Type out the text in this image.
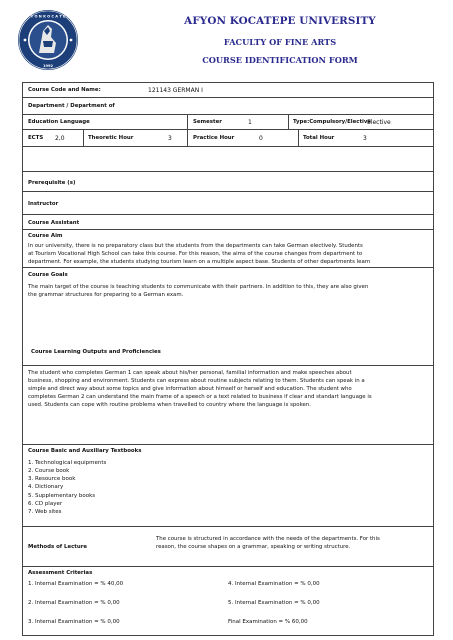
A F Y O N K O C A T E P E
1992
AFYON KOCATEPE UNIVERSITY
FACULTY OF FINE ARTS
COURSE IDENTIFICATION FORM
Course Code and Name:	121143 GERMAN I
Department / Department of
Education Language	Semester	1	Type:Compulsory/Elective
Elective
ECTS 2,0	Theoretic Hour	3	Practice Hour	0	Total Hour	3
Prerequisite (s)
Instructor
Course Assistant
Course Aim
In our university, there is no preparatory class but the students from the departments can take German electively. Students
at Tourism Vocational High School can take this course. For this reason, the aims of the course changes from department to
department. For example, the students studying tourism learn on a multiple aspect base. Students of other departments learn
Course Goals
The main target of the course is teaching students to communicate with their partners. In addition to this, they are also given
the grammar structures for preparing to a German exam.
Course Learning Outputs and Proficiencies
The student who completes German 1 can speak about his/her personal, familial information and make speeches about
business, shopping and environment. Students can express about routine subjects relating to them. Students can speak in a
simple and direct way about some topics and give information about himself or herself and education. The student who
completes German 2 can understand the main frame of a speech or a text related to business if clear and standart language is
used. Students can cope with routine problems when travelled to country where the language is spoken.
Course Basic and Auxiliary Textbooks
1. Technological equipments
2. Course book
3. Resource book
4. Dictionary
5. Supplementary books
6. CD player
7. Web sites
Methods of Lecture
The course is structured in accordance with the needs of the departments. For this
reason, the course shapes on a grammar, speaking or writing structure.
Assessment Criterias
1. Internal Examination = % 40,00
2. Internal Examination = % 0,00
3. Internal Examination = % 0,00
4. Internal Examination = % 0,00
5. Internal Examination = % 0,00
Final Examination = % 60,00
